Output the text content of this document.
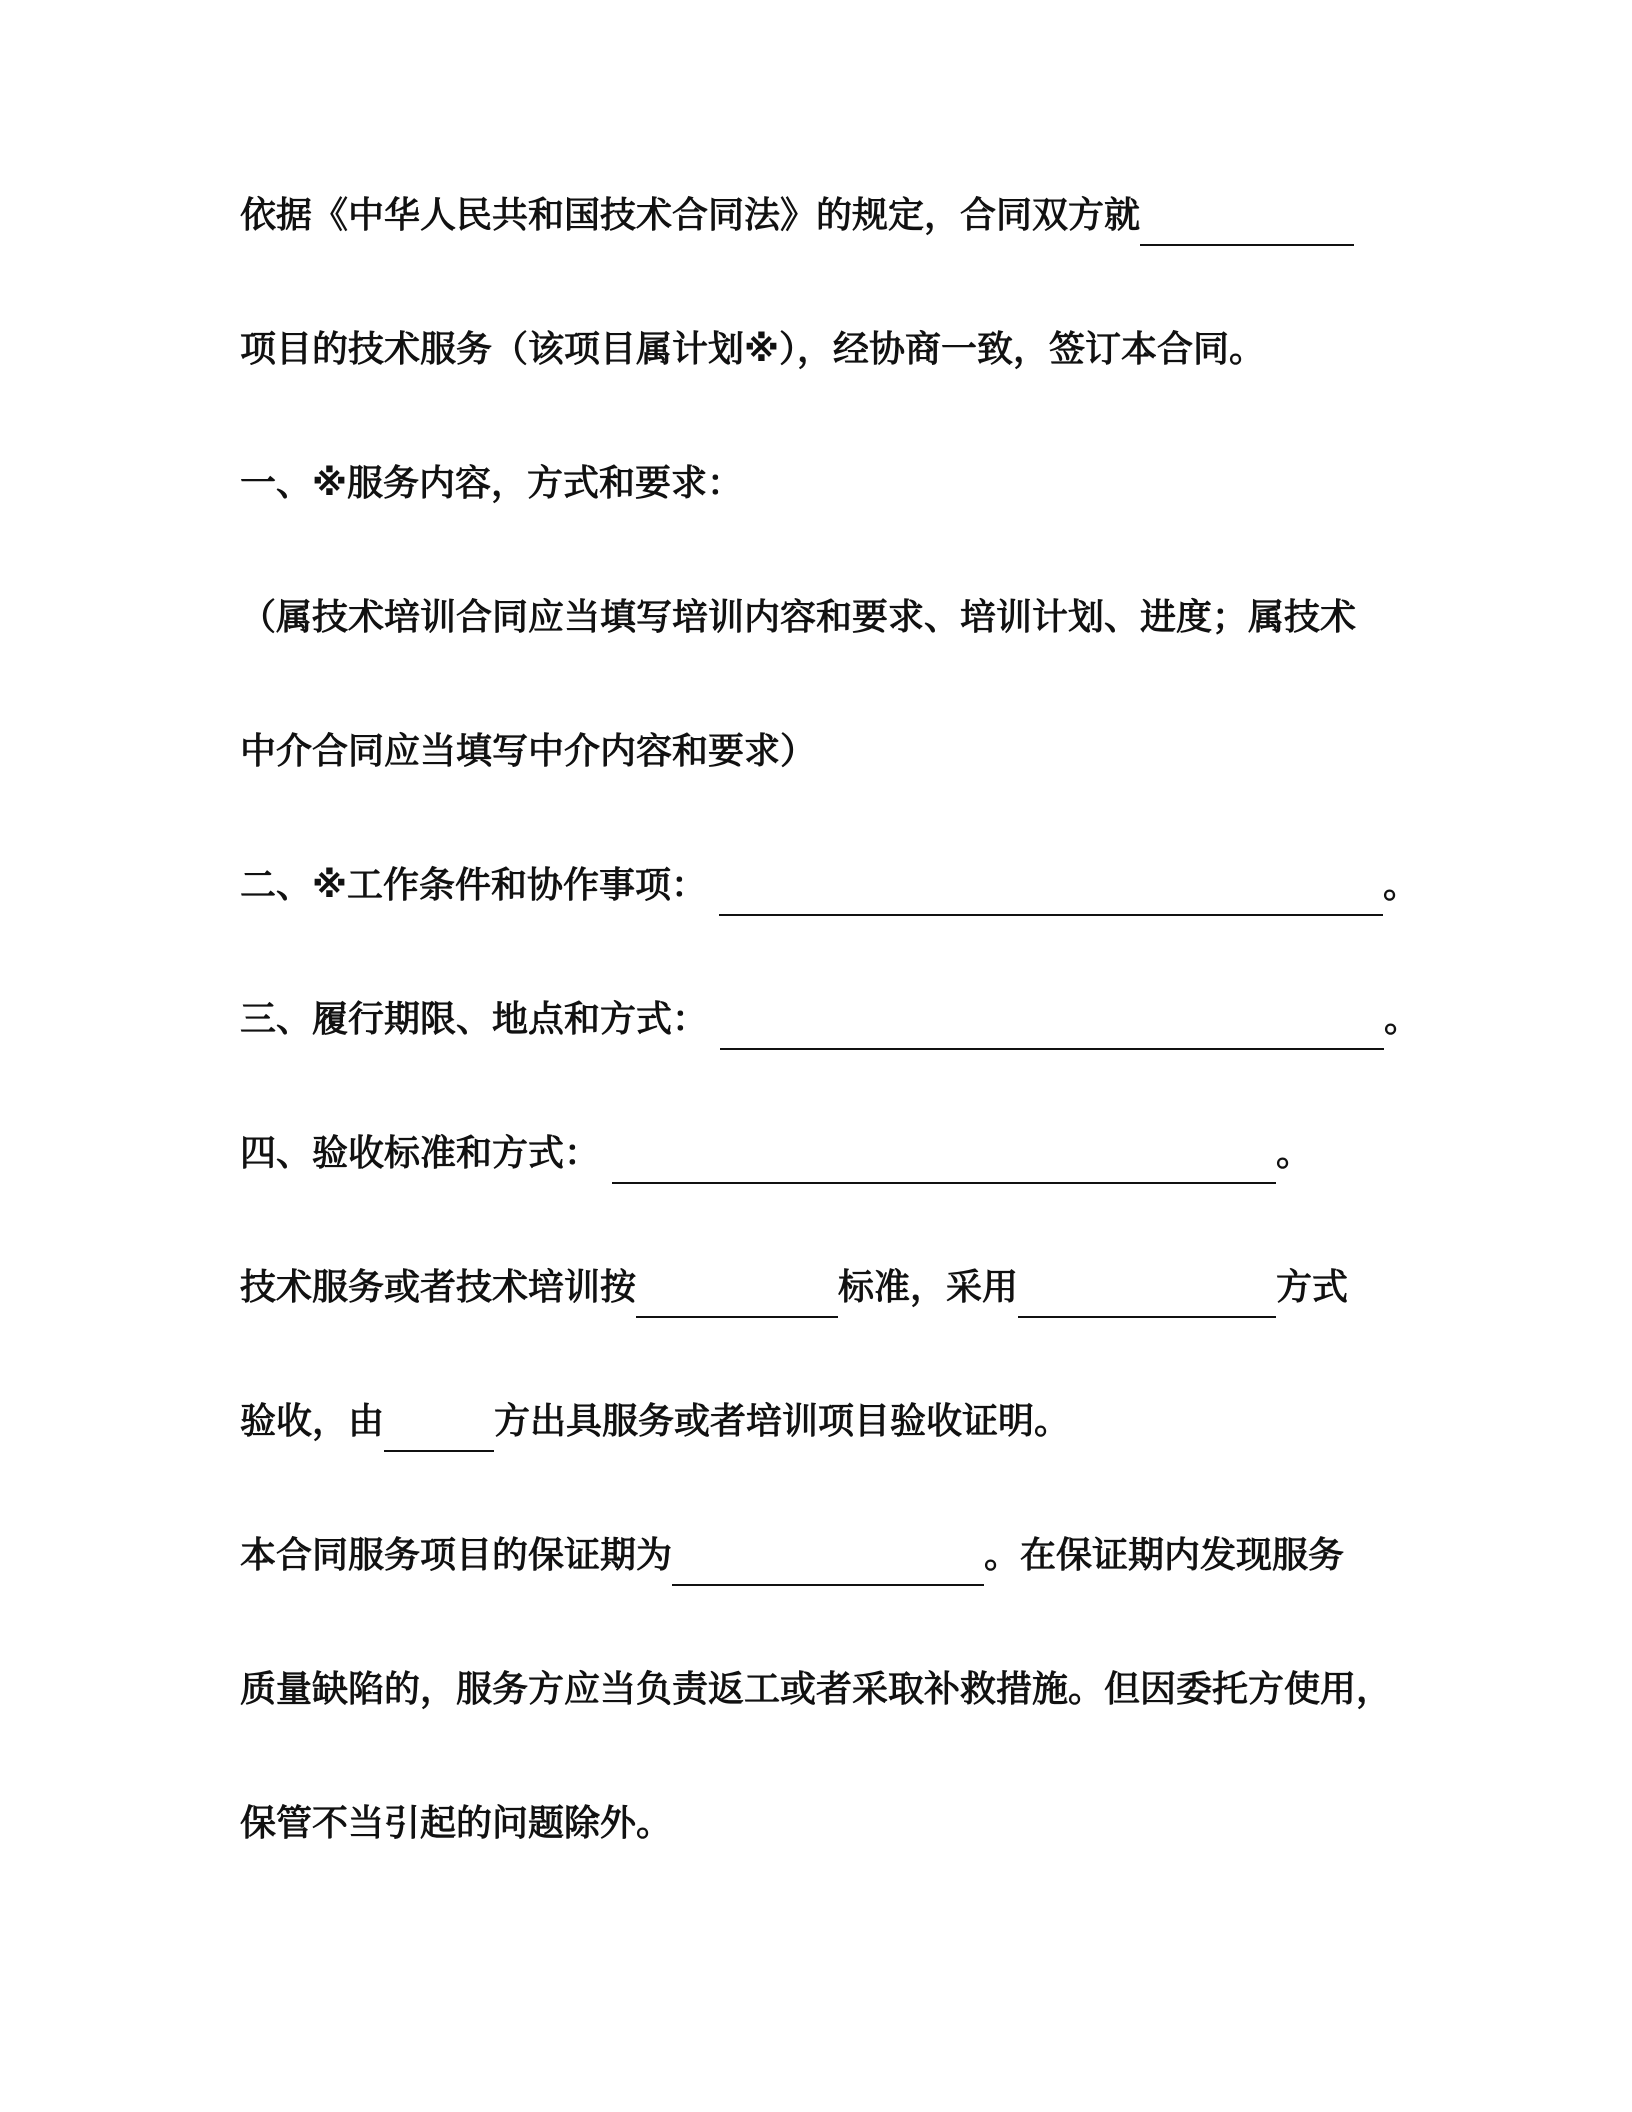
依据《中华人民共和国技术合同法》的规定，合同双方就
项目的技术服务（该项目属计划※），经协商一致，签订本合同。
一、※服务内容，方式和要求：
（属技术培训合同应当填写培训内容和要求、培训计划、进度；属技术
中介合同应当填写中介内容和要求）
二、※工作条件和协作事项：	。
三、履行期限、地点和方式：	。
四、验收标准和方式：	。
技术服务或者技术培训按	标准，采用	方式
验收，由	方出具服务或者培训项目验收证明。
本合同服务项目的保证期为	。在保证期内发现服务
质量缺陷的，服务方应当负责返工或者采取补救措施。但因委托方使用，
保管不当引起的问题除外。
